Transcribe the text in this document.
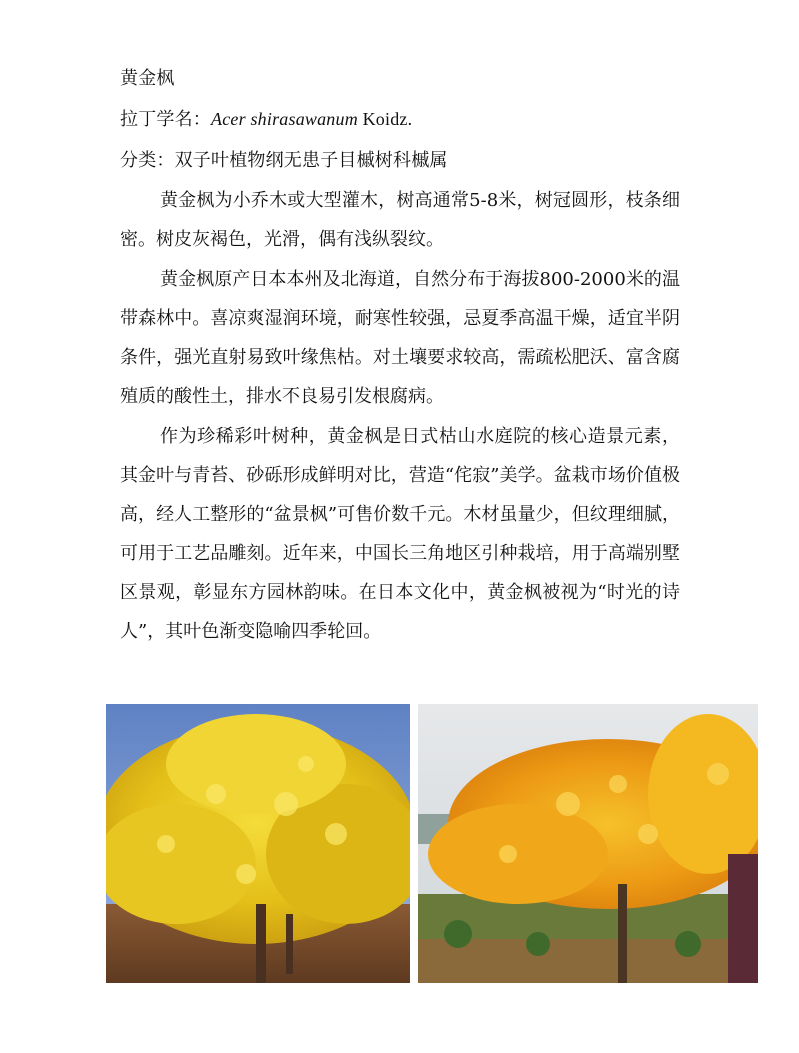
黄金枫
拉丁学名：Acer shirasawanum Koidz.
分类：双子叶植物纲无患子目槭树科槭属

黄金枫为小乔木或大型灌木，树高通常5-8米，树冠圆形，枝条细密。树皮灰褐色，光滑，偶有浅纵裂纹。

黄金枫原产日本本州及北海道，自然分布于海拔800-2000米的温带森林中。喜凉爽湿润环境，耐寒性较强，忌夏季高温干燥，适宜半阴条件，强光直射易致叶缘焦枯。对土壤要求较高，需疏松肥沃、富含腐殖质的酸性土，排水不良易引发根腐病。

作为珍稀彩叶树种，黄金枫是日式枯山水庭院的核心造景元素，其金叶与青苔、砂砾形成鲜明对比，营造“侘寂”美学。盆栽市场价值极高，经人工整形的“盆景枫”可售价数千元。木材虽量少，但纹理细腻，可用于工艺品雕刻。近年来，中国长三角地区引种栽培，用于高端别墅区景观，彰显东方园林韵味。在日本文化中，黄金枫被视为“时光的诗人”，其叶色渐变隐喻四季轮回。
